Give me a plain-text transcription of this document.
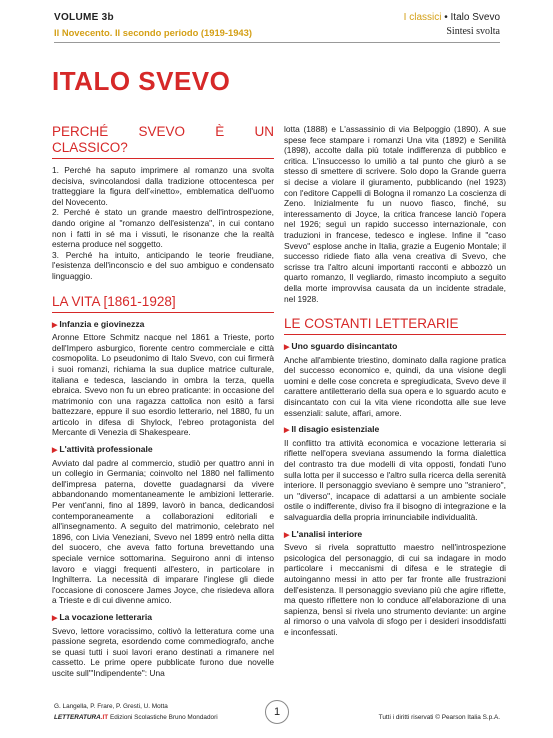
VOLUME 3b
Il Novecento. Il secondo periodo (1919-1943)
I classici • Italo Svevo
Sintesi svolta
ITALO SVEVO
PERCHÉ SVEVO È UN CLASSICO?

1. Perché ha saputo imprimere al romanzo una svolta decisiva, svincolandosi dalla tradizione ottocentesca per tratteggiare la figura dell'«inetto», emblematica dell'uomo del Novecento.

2. Perché è stato un grande maestro dell'introspezione, dando origine al "romanzo dell'esistenza", in cui contano non i fatti in sé ma i vissuti, le risonanze che la realtà esterna produce nel soggetto.

3. Perché ha intuito, anticipando le teorie freudiane, l'esistenza dell'inconscio e del suo ambiguo e condensato linguaggio.

LA VITA [1861-1928]
▶ Infanzia e giovinezza

Aronne Ettore Schmitz nacque nel 1861 a Trieste, porto dell'Impero asburgico, fiorente centro commerciale e città cosmopolita. Lo pseudonimo di Italo Svevo, con cui firmerà i suoi romanzi, richiama la sua duplice matrice culturale, italiana e tedesca, lasciando in ombra la terza, quella ebraica. Svevo non fu un ebreo praticante: in occasione del matrimonio con una ragazza cattolica non esitò a farsi battezzare, eppure il suo esordio letterario, nel 1880, fu un articolo in difesa di Shylock, l'ebreo protagonista del Mercante di Venezia di Shakespeare.

▶ L'attività professionale

Avviato dal padre al commercio, studiò per quattro anni in un collegio in Germania; coinvolto nel 1880 nel fallimento dell'impresa paterna, dovette guadagnarsi da vivere abbandonando momentaneamente le ambizioni letterarie. Per vent'anni, fino al 1899, lavorò in banca, dedicandosi contemporaneamente a collaborazioni editoriali e all'insegnamento. A seguito del matrimonio, celebrato nel 1896, con Livia Veneziani, Svevo nel 1899 entrò nella ditta del suocero, che aveva fatto fortuna brevettando una speciale vernice sottomarina. Seguirono anni di intenso lavoro e viaggi frequenti all'estero, in particolare in Inghilterra. La necessità di imparare l'inglese gli diede l'occasione di conoscere James Joyce, che risiedeva allora a Trieste e di cui divenne amico.

▶ La vocazione letteraria

Svevo, lettore voracissimo, coltivò la letteratura come una passione segreta, esordendo come commediografo, anche se quasi tutti i suoi lavori erano destinati a rimanere nel cassetto. Le prime opere pubblicate furono due novelle uscite sull'"Indipendente": Una

lotta (1888) e L'assassinio di via Belpoggio (1890). A sue spese fece stampare i romanzi Una vita (1892) e Senilità (1898), accolte dalla più totale indifferenza di pubblico e critica. L'insuccesso lo umiliò a tal punto che giurò a se stesso di smettere di scrivere. Solo dopo la Grande guerra si decise a violare il giuramento, pubblicando (nel 1923) con l'editore Cappelli di Bologna il romanzo La coscienza di Zeno. Inizialmente fu un nuovo fiasco, finché, su interessamento di Joyce, la critica francese lanciò l'opera nel 1926; seguì un rapido successo internazionale, con traduzioni in francese, tedesco e inglese. Infine il "caso Svevo" esplose anche in Italia, grazie a Eugenio Montale; il successo ridiede fiato alla vena creativa di Svevo, che scrisse tra l'altro alcuni importanti racconti e abbozzò un quarto romanzo, Il vegliardo, rimasto incompiuto a seguito della morte improvvisa causata da un incidente stradale, nel 1928.

LE COSTANTI LETTERARIE
▶ Uno sguardo disincantato

Anche all'ambiente triestino, dominato dalla ragione pratica del successo economico e, quindi, da una visione degli uomini e delle cose concreta e spregiudicata, Svevo deve il carattere antiletterario della sua opera e lo sguardo acuto e disincantato con cui la vita viene ricondotta alle sue leve essenziali: salute, affari, amore.

▶ Il disagio esistenziale

Il conflitto tra attività economica e vocazione letteraria si riflette nell'opera sveviana assumendo la forma dialettica del contrasto tra due modelli di vita opposti, fondati l'uno sulla lotta per il successo e l'altro sulla ricerca della serenità interiore. Il personaggio sveviano è sempre uno "straniero", un "diverso", incapace di adattarsi a un ambiente sociale ostile o indifferente, diviso fra il bisogno di integrazione e la salvaguardia della propria irrinunciabile individualità.

▶ L'analisi interiore

Svevo si rivela soprattutto maestro nell'introspezione psicologica del personaggio, di cui sa indagare in modo particolare i meccanismi di difesa e le strategie di autoinganno messi in atto per far fronte alle frustrazioni dell'esistenza. Il personaggio sveviano più che agire riflette, ma questo riflettere non lo conduce all'elaborazione di una sapienza, bensì si rivela uno strumento deviante: un argine al rimorso o una valvola di sfogo per i desideri insoddisfatti e inconfessati.

G. Langella, P. Frare, P. Gresti, U. Motta
LETTERATURA.IT Edizioni Scolastiche Bruno Mondadori	1	Tutti i diritti riservati © Pearson Italia S.p.A.
